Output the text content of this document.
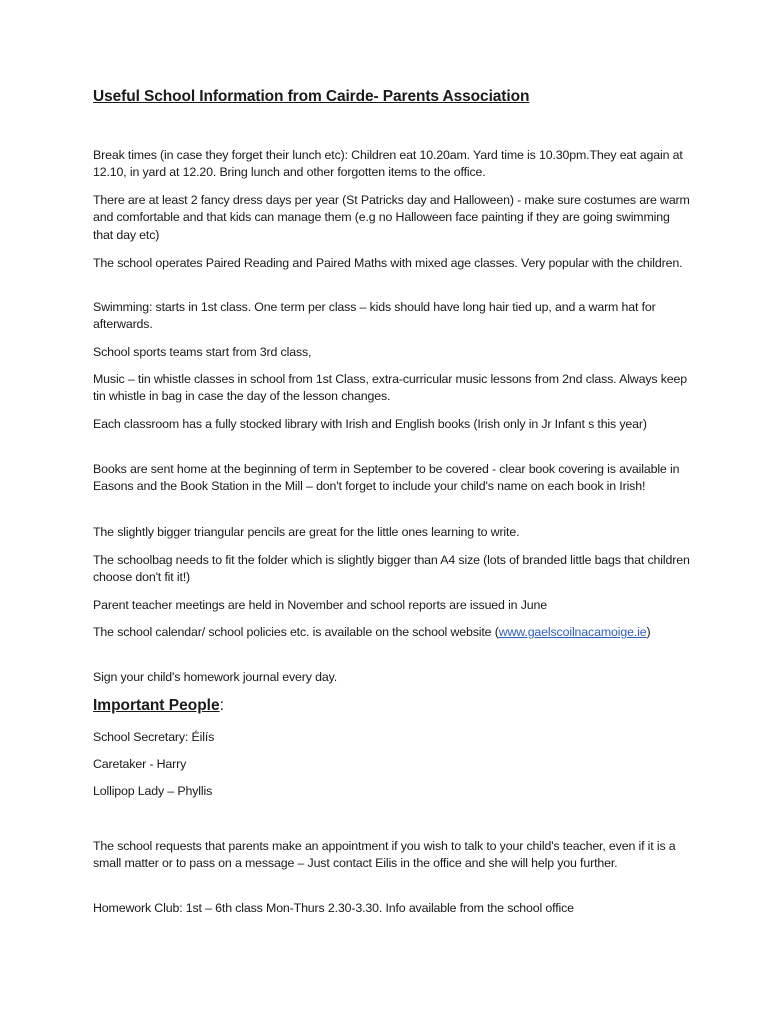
Useful School Information from Cairde- Parents Association

Break times (in case they forget their lunch etc): Children eat 10.20am. Yard time is 10.30pm.They eat again at 12.10, in yard at 12.20. Bring lunch and other forgotten items to the office.

There are at least 2 fancy dress days per year (St Patricks day and Halloween) - make sure costumes are warm and comfortable and that kids can manage them (e.g no Halloween face painting if they are going swimming that day etc)

The school operates Paired Reading and Paired Maths with mixed age classes. Very popular with the children.

Swimming: starts in 1st class. One term per class – kids should have long hair tied up, and a warm hat for afterwards.

School sports teams start from 3rd class,

Music – tin whistle classes in school from 1st Class, extra-curricular music lessons from 2nd class. Always keep tin whistle in bag in case the day of the lesson changes.

Each classroom has a fully stocked library with Irish and English books (Irish only in Jr Infant s this year)

Books are sent home at the beginning of term in September to be covered - clear book covering is available in Easons and the Book Station in the Mill – don't forget to include your child's name on each book in Irish!

The slightly bigger triangular pencils are great for the little ones learning to write.

The schoolbag needs to fit the folder which is slightly bigger than A4 size (lots of branded little bags that children choose don't fit it!)

Parent teacher meetings are held in November and school reports are issued in June

The school calendar/ school policies etc. is available on the school website (www.gaelscoilnacamoige.ie)

Sign your child's homework journal every day.

Important People:

School Secretary: Éilís

Caretaker - Harry

Lollipop Lady – Phyllis

The school requests that parents make an appointment if you wish to talk to your child's teacher, even if it is a small matter or to pass on a message – Just contact Eilis in the office and she will help you further.

Homework Club: 1st – 6th class Mon-Thurs 2.30-3.30. Info available from the school office
